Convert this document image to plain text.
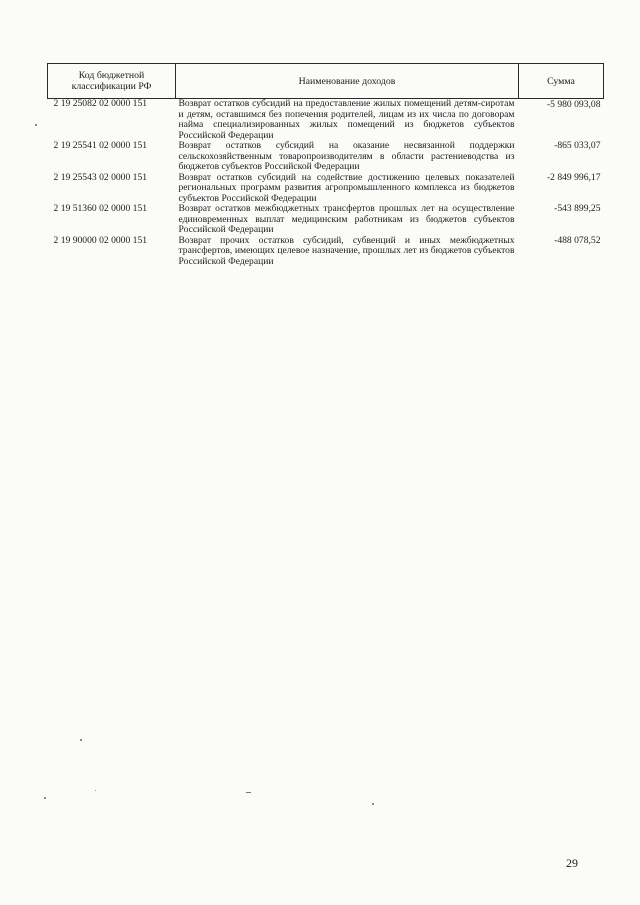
Код бюджетной классификации РФ	Наименование доходов	Сумма
2 19 25082 02 0000 151	Возврат остатков субсидий на предоставление жилых помещений детям-сиротам и детям, оставшимся без попечения родителей, лицам из их числа по договорам найма специализированных жилых помещений из бюджетов субъектов Российской Федерации	-5 980 093,08
2 19 25541 02 0000 151	Возврат остатков субсидий на оказание несвязанной поддержки сельскохозяйственным товаропроизводителям в области растениеводства из бюджетов субъектов Российской Федерации	-865 033,07
2 19 25543 02 0000 151	Возврат остатков субсидий на содействие достижению целевых показателей региональных программ развития агропромышленного комплекса из бюджетов субъектов Российской Федерации	-2 849 996,17
2 19 51360 02 0000 151	Возврат остатков межбюджетных трансфертов прошлых лет на осуществление единовременных выплат медицинским работникам из бюджетов субъектов Российской Федерации	-543 899,25
2 19 90000 02 0000 151	Возврат прочих остатков субсидий, субвенций и иных межбюджетных трансфертов, имеющих целевое назначение, прошлых лет из бюджетов субъектов Российской Федерации	-488 078,52
29
